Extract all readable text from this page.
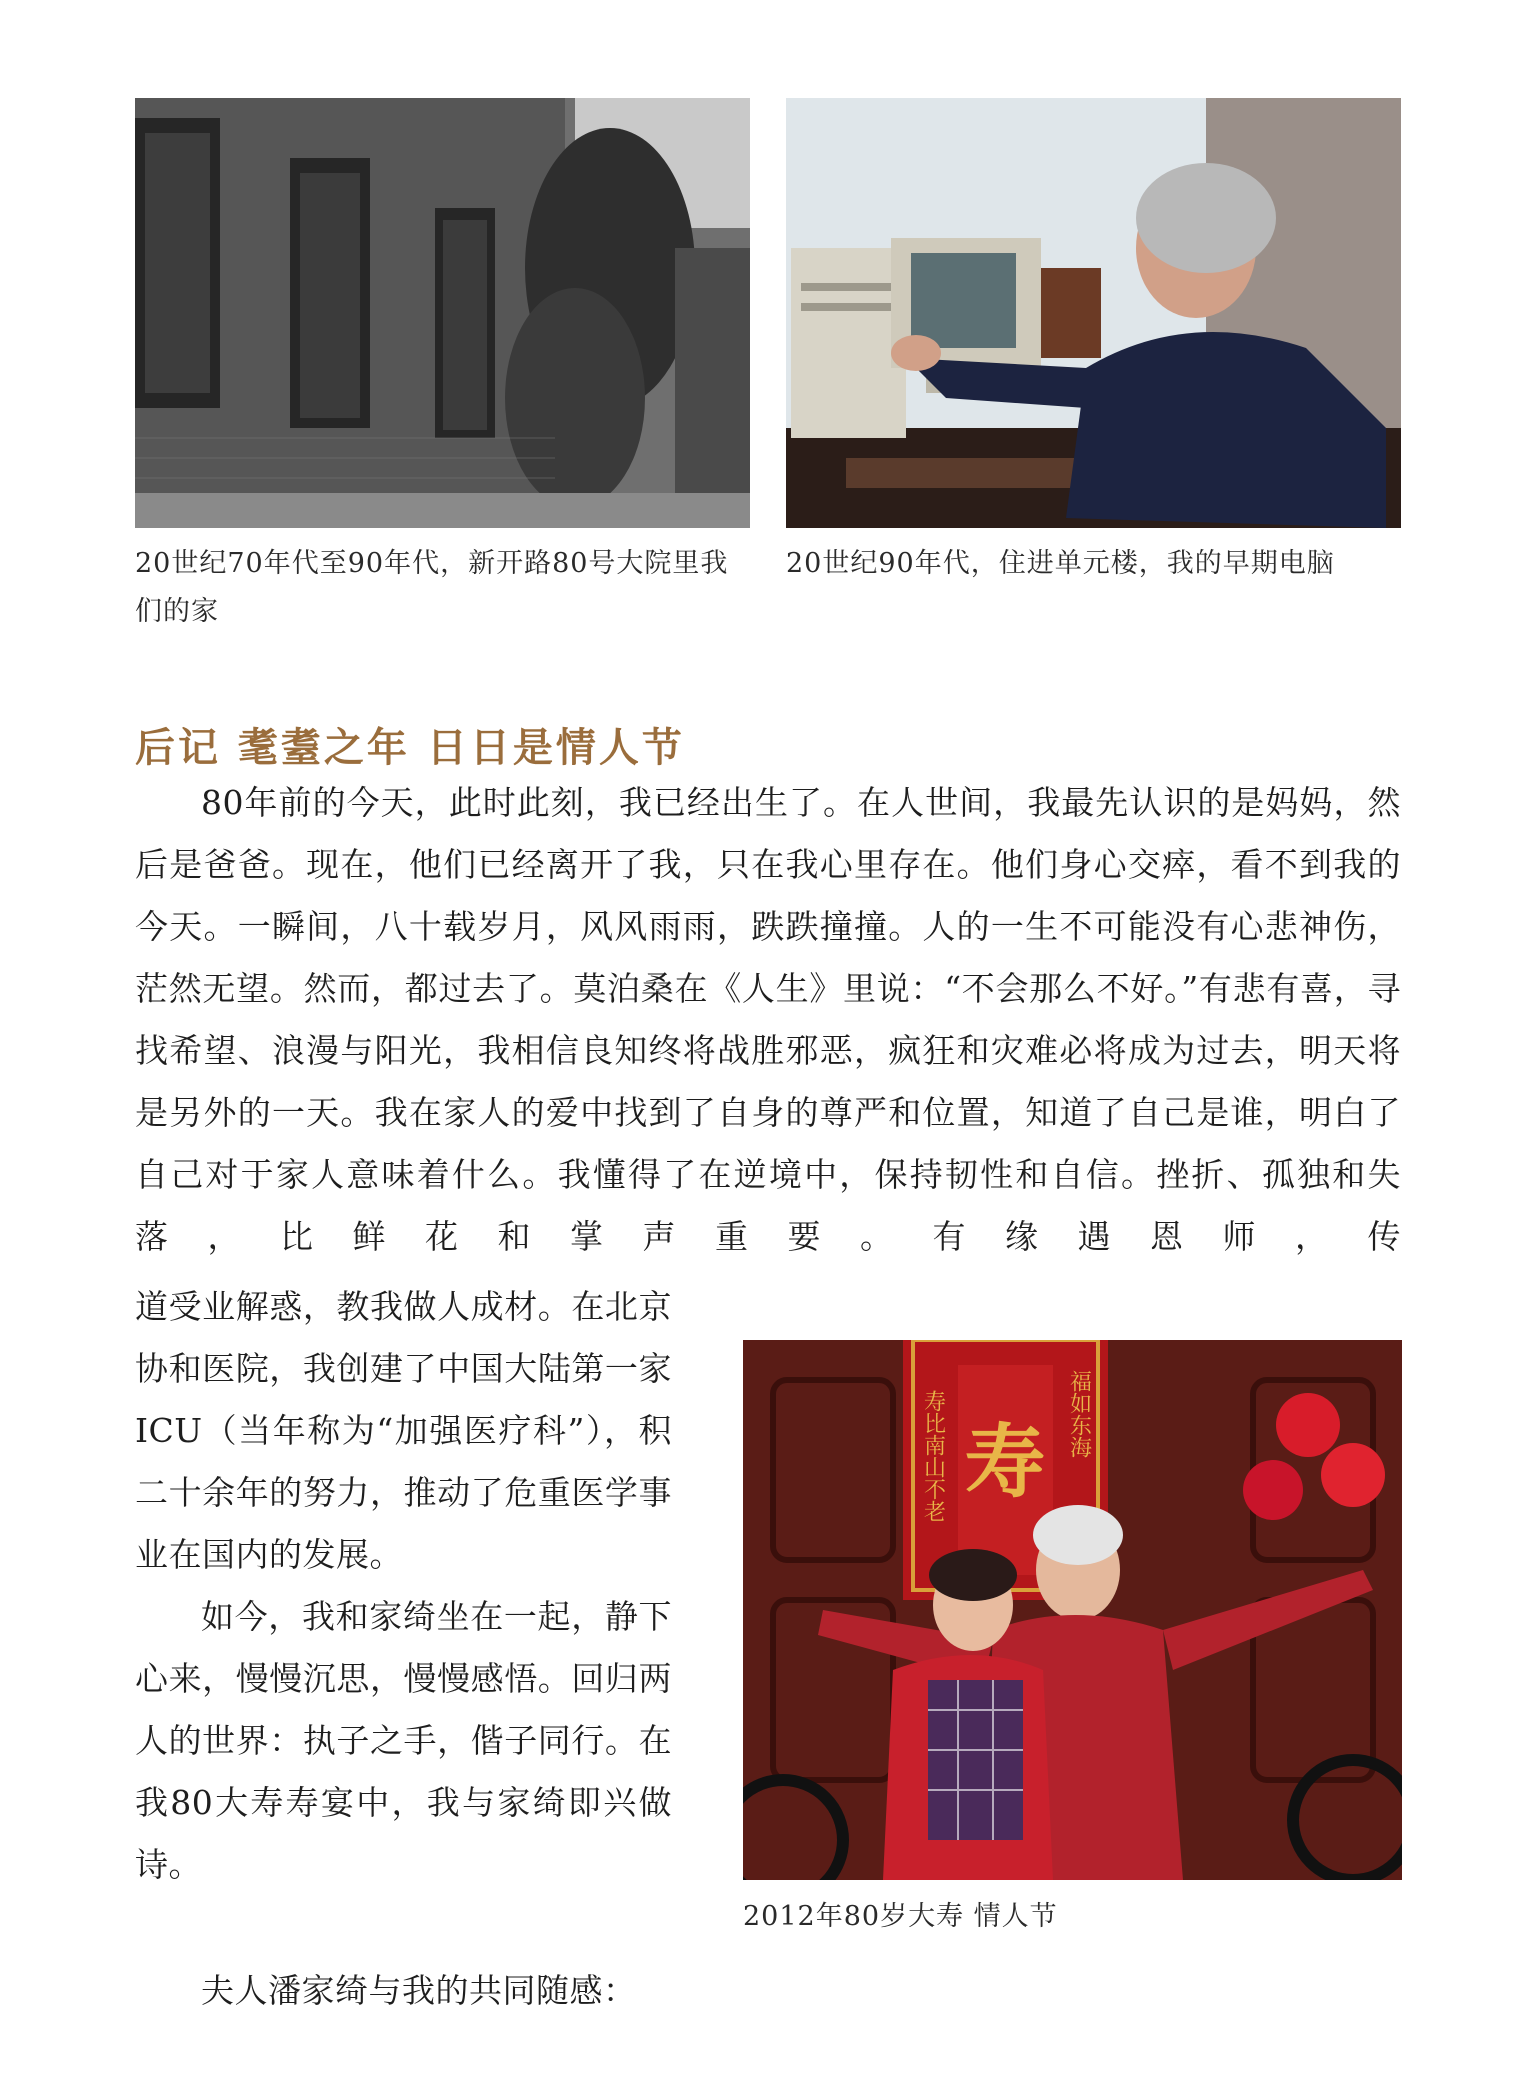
20世纪70年代至90年代，新开路80号大院里我们的家

20世纪90年代，住进单元楼，我的早期电脑

后记 耄耋之年 日日是情人节

80年前的今天，此时此刻，我已经出生了。在人世间，我最先认识的是妈妈，然后是爸爸。现在，他们已经离开了我，只在我心里存在。他们身心交瘁，看不到我的今天。一瞬间，八十载岁月，风风雨雨，跌跌撞撞。人的一生不可能没有心悲神伤，茫然无望。然而，都过去了。莫泊桑在《人生》里说：“不会那么不好。”有悲有喜，寻找希望、浪漫与阳光，我相信良知终将战胜邪恶，疯狂和灾难必将成为过去，明天将是另外的一天。我在家人的爱中找到了自身的尊严和位置，知道了自己是谁，明白了自己对于家人意味着什么。我懂得了在逆境中，保持韧性和自信。挫折、孤独和失落，比鲜花和掌声重要。有缘遇恩师，传

道受业解惑，教我做人成材。在北京协和医院，我创建了中国大陆第一家ICU（当年称为“加强医疗科”），积二十余年的努力，推动了危重医学事业在国内的发展。

如今，我和家绮坐在一起，静下心来，慢慢沉思，慢慢感悟。回归两人的世界：执子之手，偕子同行。在我80大寿寿宴中，我与家绮即兴做诗。

夫人潘家绮与我的共同随感：

寿
寿比南山不老	福如东海

2012年80岁大寿 情人节
